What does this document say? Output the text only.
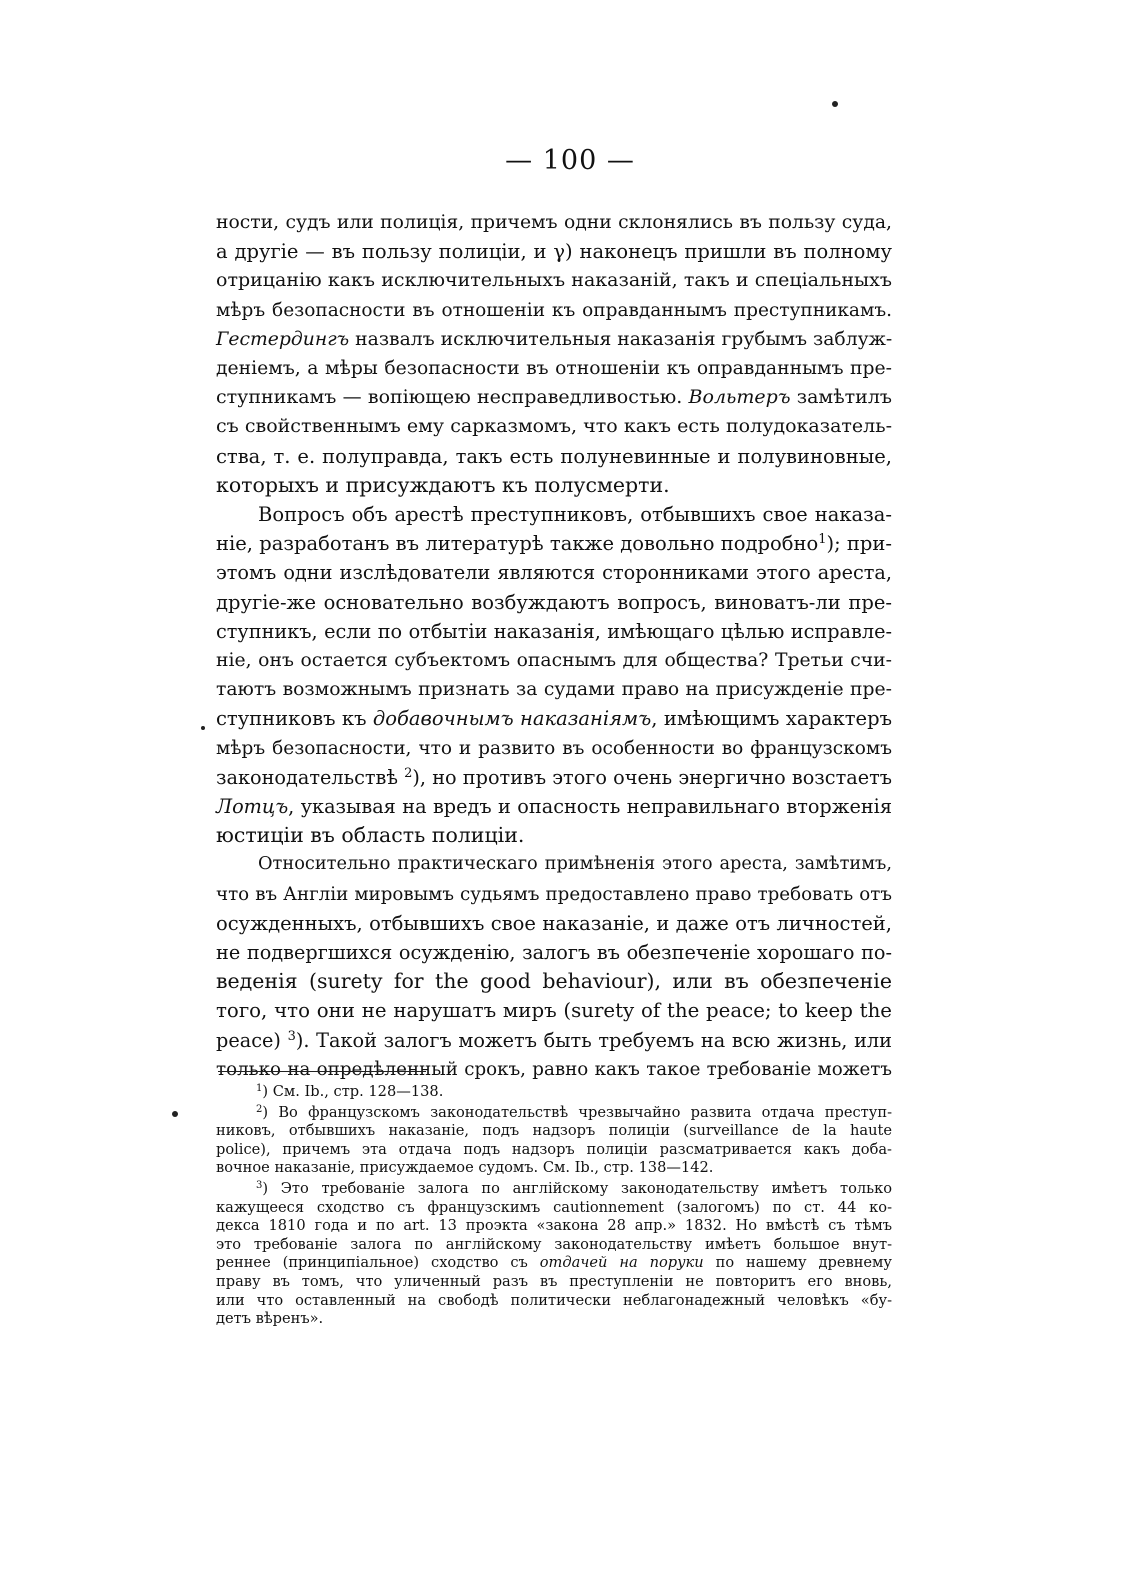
— 100 —

ности, судъ или полиція, причемъ одни склонялись въ пользу суда,
а другіе — въ пользу полиціи, и γ) наконецъ пришли въ полному
отрицанію какъ исключительныхъ наказаній, такъ и спеціальныхъ
мѣръ безопасности въ отношеніи къ оправданнымъ преступникамъ.
Гестердингъ назвалъ исключительныя наказанія грубымъ заблуж-
деніемъ, а мѣры безопасности въ отношеніи къ оправданнымъ пре-
ступникамъ — вопіющею несправедливостью. Вольтеръ замѣтилъ
съ свойственнымъ ему сарказмомъ, что какъ есть полудоказатель-
ства, т. е. полуправда, такъ есть полуневинные и полувиновные,
которыхъ и присуждаютъ къ полусмерти.

Вопросъ объ арестѣ преступниковъ, отбывшихъ свое наказа-
ніе, разработанъ въ литературѣ также довольно подробно$^1$); при-
этомъ одни изслѣдователи являются сторонниками этого ареста,
другіе-же основательно возбуждаютъ вопросъ, виноватъ-ли пре-
ступникъ, если по отбытіи наказанія, имѣющаго цѣлью исправле-
ніе, онъ остается субъектомъ опаснымъ для общества? Третьи счи-
таютъ возможнымъ признать за судами право на присужденіе пре-
ступниковъ къ добавочнымъ наказаніямъ, имѣющимъ характеръ
мѣръ безопасности, что и развито въ особенности во французскомъ
законодательствѣ $^2$), но противъ этого очень энергично возстаетъ
Лотцъ, указывая на вредъ и опасность неправильнаго вторженія
юстиціи въ область полиціи.

Относительно практическаго примѣненія этого ареста, замѣтимъ,
что въ Англіи мировымъ судьямъ предоставлено право требовать отъ
осужденныхъ, отбывшихъ свое наказаніе, и даже отъ личностей,
не подвергшихся осужденію, залогъ въ обезпеченіе хорошаго по-
веденія (surety for the good behaviour), или въ обезпеченіе
того, что они не нарушатъ миръ (surety of the peace; to keep the
peace) $^3$). Такой залогъ можетъ быть требуемъ на всю жизнь, или
только на опредѣленный срокъ, равно какъ такое требованіе можетъ

$^1$) См. Ib., стр. 128—138.
$^2$) Во французскомъ законодательствѣ чрезвычайно развита отдача преступ-
никовъ, отбывшихъ наказаніе, подъ надзоръ полиціи (surveillance de la haute
police), причемъ эта отдача подъ надзоръ полиціи разсматривается какъ доба-
вочное наказаніе, присуждаемое судомъ. См. Ib., стр. 138—142.
$^3$) Это требованіе залога по англійскому законодательству имѣетъ только
кажущееся сходство съ французскимъ cautionnement (залогомъ) по ст. 44 ко-
декса 1810 года и по art. 13 проэкта «закона 28 апр.» 1832. Но вмѣстѣ съ тѣмъ
это требованіе залога по англійскому законодательству имѣетъ большое внут-
реннее (принципіальное) сходство съ отдачей на поруки по нашему древнему
праву въ томъ, что уличенный разъ въ преступленіи не повторитъ его вновь,
или что оставленный на свободѣ политически неблагонадежный человѣкъ «бу-
детъ вѣренъ».
